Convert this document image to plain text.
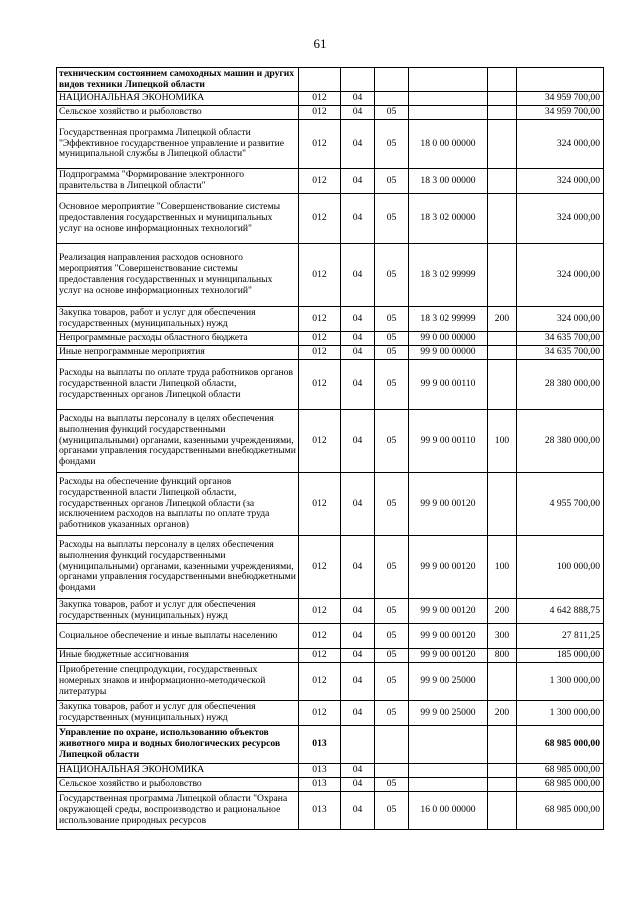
61
техническим состоянием самоходных машин и других видов техники Липецкой области						
НАЦИОНАЛЬНАЯ ЭКОНОМИКА	012	04				34 959 700,00
Сельское хозяйство и рыболовство	012	04	05			34 959 700,00
Государственная программа Липецкой области "Эффективное государственное управление и развитие муниципальной службы в Липецкой области"	012	04	05	18 0 00 00000		324 000,00
Подпрограмма "Формирование электронного правительства в Липецкой области"	012	04	05	18 3 00 00000		324 000,00
Основное мероприятие "Совершенствование системы предоставления государственных и муниципальных услуг на основе информационных технологий"	012	04	05	18 3 02 00000		324 000,00
Реализация направления расходов основного мероприятия "Совершенствование системы предоставления государственных и муниципальных услуг на основе информационных технологий"	012	04	05	18 3 02 99999		324 000,00
Закупка товаров, работ и услуг для обеспечения государственных (муниципальных) нужд	012	04	05	18 3 02 99999	200	324 000,00
Непрограммные расходы областного бюджета	012	04	05	99 0 00 00000		34 635 700,00
Иные непрограммные мероприятия	012	04	05	99 9 00 00000		34 635 700,00
Расходы на выплаты по оплате труда работников органов государственной власти Липецкой области, государственных органов Липецкой области	012	04	05	99 9 00 00110		28 380 000,00
Расходы на выплаты персоналу в целях обеспечения выполнения функций государственными (муниципальными) органами, казенными учреждениями, органами управления государственными внебюджетными фондами	012	04	05	99 9 00 00110	100	28 380 000,00
Расходы на обеспечение функций органов государственной власти Липецкой области, государственных органов Липецкой области (за исключением расходов на выплаты по оплате труда работников указанных органов)	012	04	05	99 9 00 00120		4 955 700,00
Расходы на выплаты персоналу в целях обеспечения выполнения функций государственными (муниципальными) органами, казенными учреждениями, органами управления государственными внебюджетными фондами	012	04	05	99 9 00 00120	100	100 000,00
Закупка товаров, работ и услуг для обеспечения государственных (муниципальных) нужд	012	04	05	99 9 00 00120	200	4 642 888,75
Социальное обеспечение и иные выплаты населению	012	04	05	99 9 00 00120	300	27 811,25
Иные бюджетные ассигнования	012	04	05	99 9 00 00120	800	185 000,00
Приобретение спецпродукции, государственных номерных знаков и информационно-методической литературы	012	04	05	99 9 00 25000		1 300 000,00
Закупка товаров, работ и услуг для обеспечения государственных (муниципальных) нужд	012	04	05	99 9 00 25000	200	1 300 000,00
Управление по охране, использованию объектов животного мира и водных биологических ресурсов Липецкой области	013					68 985 000,00
НАЦИОНАЛЬНАЯ ЭКОНОМИКА	013	04				68 985 000,00
Сельское хозяйство и рыболовство	013	04	05			68 985 000,00
Государственная программа Липецкой области "Охрана окружающей среды, воспроизводство и рациональное использование природных ресурсов	013	04	05	16 0 00 00000		68 985 000,00
